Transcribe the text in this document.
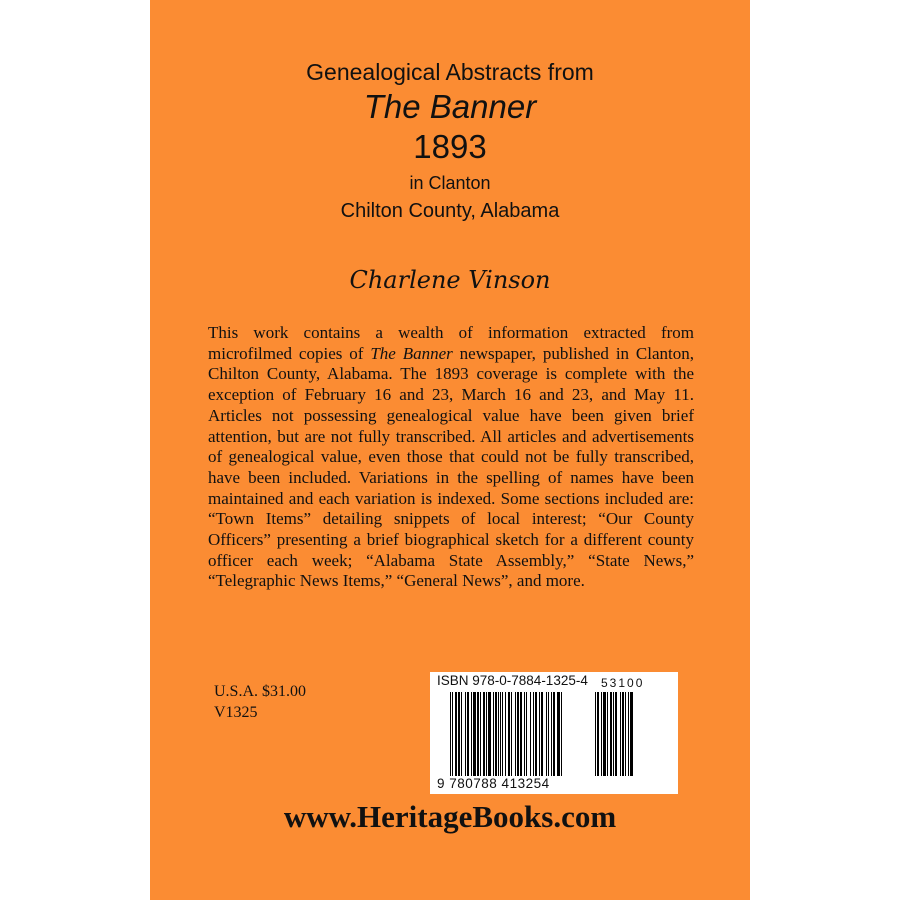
Genealogical Abstracts from
The Banner
1893
in Clanton
Chilton County, Alabama
Charlene Vinson
This work contains a wealth of information extracted from microfilmed copies of The Banner newspaper, published in Clanton, Chilton County, Alabama. The 1893 coverage is complete with the exception of February 16 and 23, March 16 and 23, and May 11. Articles not possessing genealogical value have been given brief attention, but are not fully transcribed. All articles and advertisements of genealogical value, even those that could not be fully transcribed, have been included. Variations in the spelling of names have been maintained and each variation is indexed. Some sections included are: “Town Items” detailing snippets of local interest; “Our County Officers” presenting a brief biographical sketch for a different county officer each week; “Alabama State Assembly,” “State News,” “Telegraphic News Items,” “General News”, and more.
U.S.A. $31.00
V1325
ISBN 978-0-7884-1325-4 53100
9 780788 413254
www.HeritageBooks.com
